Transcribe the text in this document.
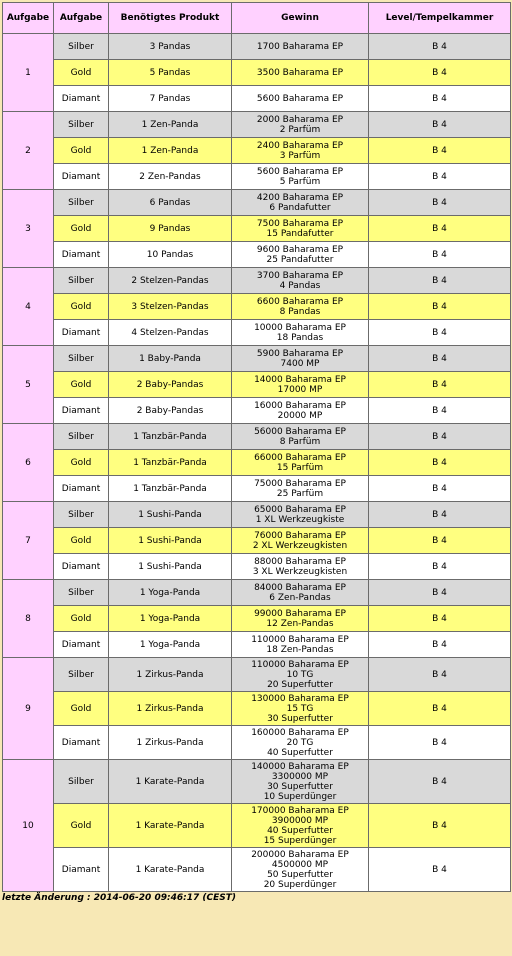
Aufgabe	Aufgabe	Benötigtes Produkt	Gewinn	Level/Tempelkammer
1	Silber	3 Pandas	1700 Baharama EP	B 4
	Gold	5 Pandas	3500 Baharama EP	B 4
	Diamant	7 Pandas	5600 Baharama EP	B 4
2	Silber	1 Zen-Panda	2000 Baharama EP
2 Parfüm	B 4
	Gold	1 Zen-Panda	2400 Baharama EP
3 Parfüm	B 4
	Diamant	2 Zen-Pandas	5600 Baharama EP
5 Parfüm	B 4
3	Silber	6 Pandas	4200 Baharama EP
6 Pandafutter	B 4
	Gold	9 Pandas	7500 Baharama EP
15 Pandafutter	B 4
	Diamant	10 Pandas	9600 Baharama EP
25 Pandafutter	B 4
4	Silber	2 Stelzen-Pandas	3700 Baharama EP
4 Pandas	B 4
	Gold	3 Stelzen-Pandas	6600 Baharama EP
8 Pandas	B 4
	Diamant	4 Stelzen-Pandas	10000 Baharama EP
18 Pandas	B 4
5	Silber	1 Baby-Panda	5900 Baharama EP
7400 MP	B 4
	Gold	2 Baby-Pandas	14000 Baharama EP
17000 MP	B 4
	Diamant	2 Baby-Pandas	16000 Baharama EP
20000 MP	B 4
6	Silber	1 Tanzbär-Panda	56000 Baharama EP
8 Parfüm	B 4
	Gold	1 Tanzbär-Panda	66000 Baharama EP
15 Parfüm	B 4
	Diamant	1 Tanzbär-Panda	75000 Baharama EP
25 Parfüm	B 4
7	Silber	1 Sushi-Panda	65000 Baharama EP
1 XL Werkzeugkiste	B 4
	Gold	1 Sushi-Panda	76000 Baharama EP
2 XL Werkzeugkisten	B 4
	Diamant	1 Sushi-Panda	88000 Baharama EP
3 XL Werkzeugkisten	B 4
8	Silber	1 Yoga-Panda	84000 Baharama EP
6 Zen-Pandas	B 4
	Gold	1 Yoga-Panda	99000 Baharama EP
12 Zen-Pandas	B 4
	Diamant	1 Yoga-Panda	110000 Baharama EP
18 Zen-Pandas	B 4
9	Silber	1 Zirkus-Panda	110000 Baharama EP
10 TG
20 Superfutter	B 4
	Gold	1 Zirkus-Panda	130000 Baharama EP
15 TG
30 Superfutter	B 4
	Diamant	1 Zirkus-Panda	160000 Baharama EP
20 TG
40 Superfutter	B 4
10	Silber	1 Karate-Panda	140000 Baharama EP
3300000 MP
30 Superfutter
10 Superdünger	B 4
	Gold	1 Karate-Panda	170000 Baharama EP
3900000 MP
40 Superfutter
15 Superdünger	B 4
	Diamant	1 Karate-Panda	200000 Baharama EP
4500000 MP
50 Superfutter
20 Superdünger	B 4
letzte Änderung : 2014-06-20 09:46:17 (CEST)
